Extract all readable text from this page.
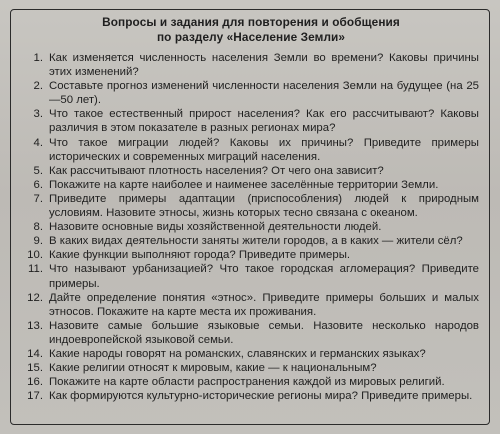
Вопросы и задания для повторения и обобщения
по разделу «Население Земли»
1. Как изменяется численность населения Земли во времени? Каковы причины этих изменений?
2. Составьте прогноз изменений численности населения Земли на будущее (на 25—50 лет).
3. Что такое естественный прирост населения? Как его рассчитывают? Каковы различия в этом показателе в разных регионах мира?
4. Что такое миграции людей? Каковы их причины? Приведите примеры исторических и современных миграций населения.
5. Как рассчитывают плотность населения? От чего она зависит?
6. Покажите на карте наиболее и наименее заселённые территории Земли.
7. Приведите примеры адаптации (приспособления) людей к природным условиям. Назовите этносы, жизнь которых тесно связана с океаном.
8. Назовите основные виды хозяйственной деятельности людей.
9. В каких видах деятельности заняты жители городов, а в каких — жители сёл?
10. Какие функции выполняют города? Приведите примеры.
11. Что называют урбанизацией? Что такое городская агломерация? Приведите примеры.
12. Дайте определение понятия «этнос». Приведите примеры больших и малых этносов. Покажите на карте места их проживания.
13. Назовите самые большие языковые семьи. Назовите несколько народов индоевропейской языковой семьи.
14. Какие народы говорят на романских, славянских и германских языках?
15. Какие религии относят к мировым, какие — к национальным?
16. Покажите на карте области распространения каждой из мировых религий.
17. Как формируются культурно-исторические регионы мира? Приведите примеры.
